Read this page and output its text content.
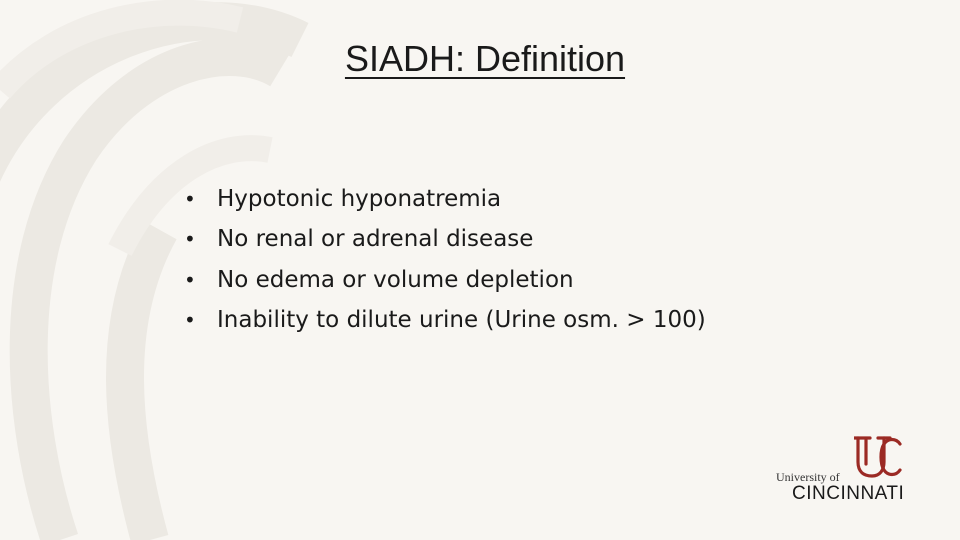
SIADH: Definition
• Hypotonic hyponatremia
• No renal or adrenal disease
• No edema or volume depletion
• Inability to dilute urine (Urine osm. > 100)
University of
CINCINNATI
